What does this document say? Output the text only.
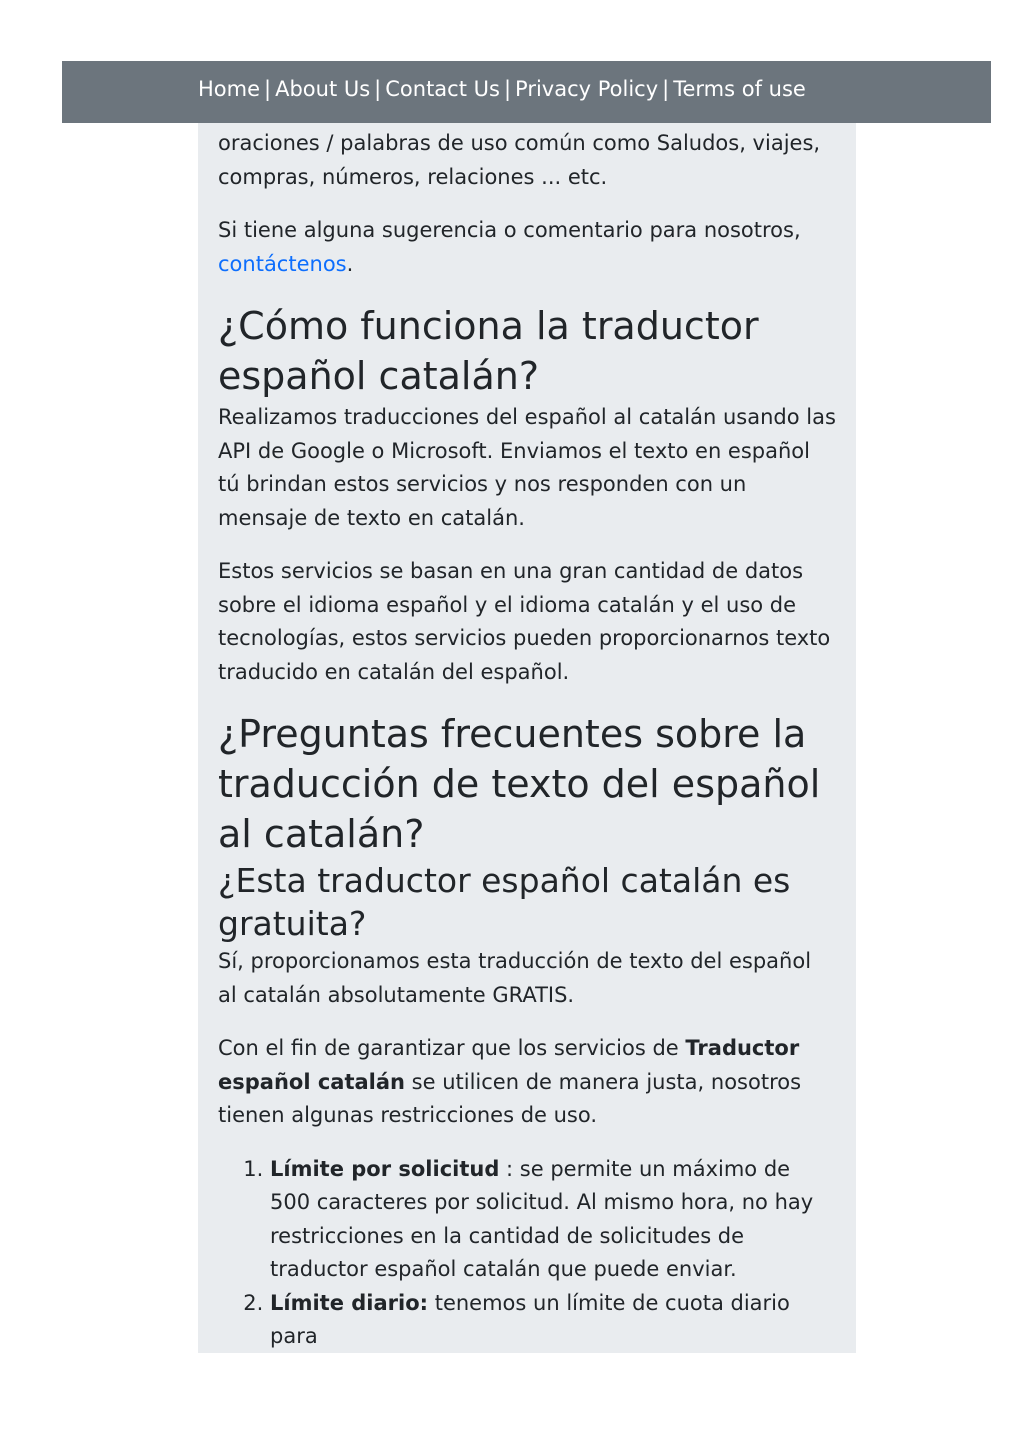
oraciones / palabras de uso común como Saludos, viajes, compras, números, relaciones ... etc.

Si tiene alguna sugerencia o comentario para nosotros, contáctenos.

¿Cómo funciona la traductor español catalán?

Realizamos traducciones del español al catalán usando las API de Google o Microsoft. Enviamos el texto en español tú brindan estos servicios y nos responden con un mensaje de texto en catalán.

Estos servicios se basan en una gran cantidad de datos sobre el idioma español y el idioma catalán y el uso de tecnologías, estos servicios pueden proporcionarnos texto traducido en catalán del español.

¿Preguntas frecuentes sobre la traducción de texto del español al catalán?
¿Esta traductor español catalán es gratuita?

Sí, proporcionamos esta traducción de texto del español al catalán absolutamente GRATIS.

Con el fin de garantizar que los servicios de Traductor español catalán se utilicen de manera justa, nosotros tienen algunas restricciones de uso.

1. Límite por solicitud : se permite un máximo de 500 caracteres por solicitud. Al mismo hora, no hay restricciones en la cantidad de solicitudes de traductor español catalán que puede enviar.
2. Límite diario: tenemos un límite de cuota diario para
Home | About Us | Contact Us | Privacy Policy | Terms of use
